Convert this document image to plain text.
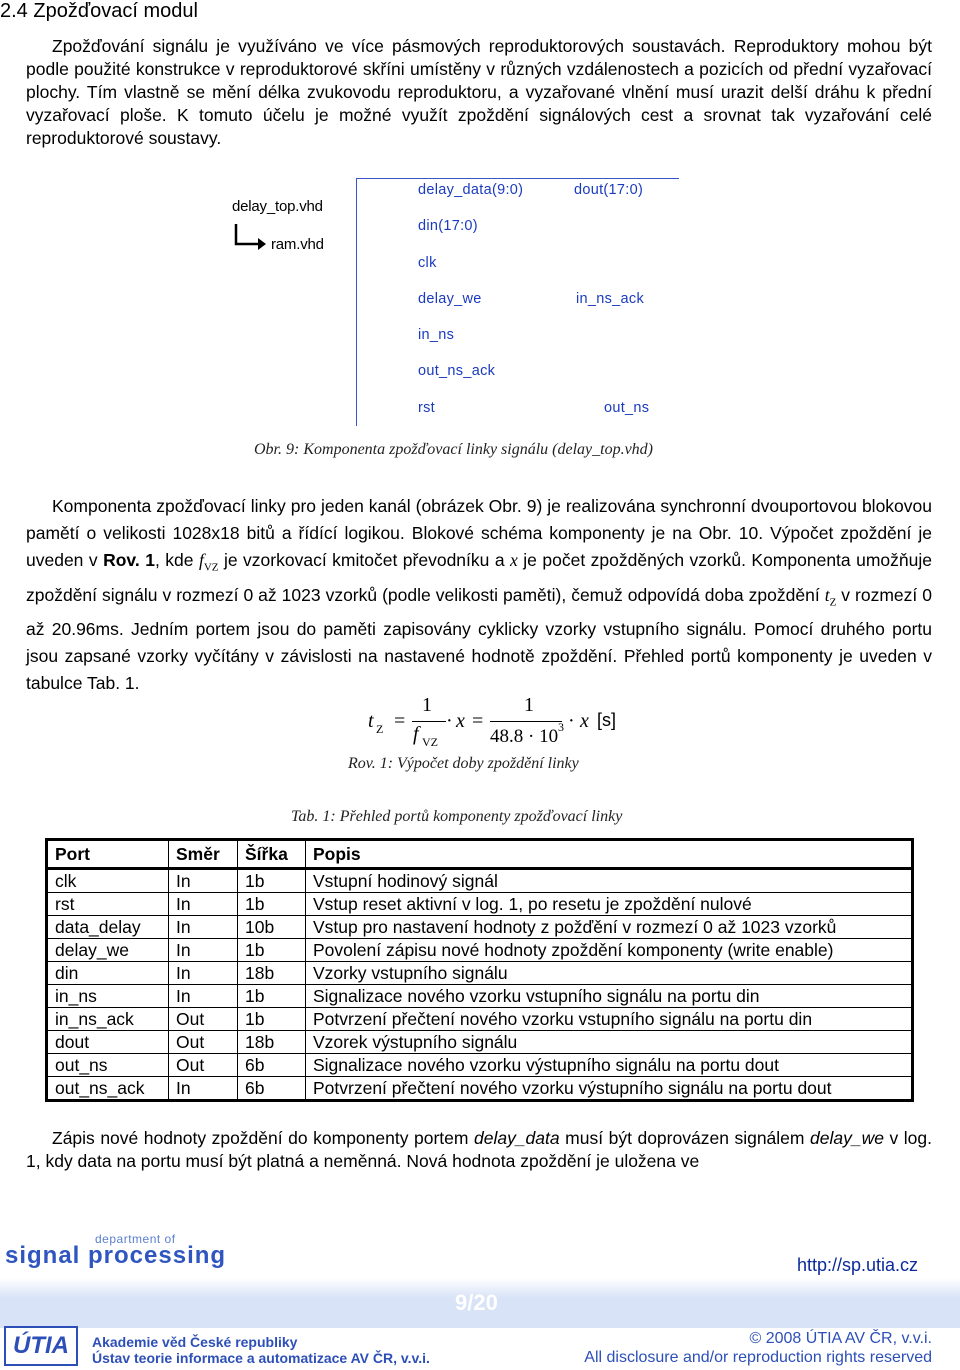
2.4 Zpožďovací modul

Zpožďování signálu je využíváno ve více pásmových reproduktorových soustavách. Reproduktory mohou být podle použité konstrukce v reproduktorové skříni umístěny v různých vzdálenostech a pozicích od přední vyzařovací plochy. Tím vlastně se mění délka zvukovodu reproduktoru, a vyzařované vlnění musí urazit delší dráhu k přední vyzařovací ploše. K tomuto účelu je možné využít zpoždění signálových cest a srovnat tak vyzařování celé reproduktorové soustavy.

delay_top.vhd
ram.vhd
delay_data(9:0)	dout(17:0)
din(17:0)
clk
delay_we	in_ns_ack
in_ns
out_ns_ack
rst	out_ns
Obr. 9: Komponenta zpožďovací linky signálu (delay_top.vhd)

Komponenta zpožďovací linky pro jeden kanál (obrázek Obr. 9) je realizována synchronní dvouportovou blokovou pamětí o velikosti 1028x18 bitů a řídící logikou. Blokové schéma komponenty je na Obr. 10. Výpočet zpoždění je uveden v Rov. 1, kde $f_{VZ}$ je vzorkovací kmitočet převodníku a x je počet zpožděných vzorků. Komponenta umožňuje zpoždění signálu v rozmezí 0 až 1023 vzorků (podle velikosti paměti), čemuž odpovídá doba zpoždění $t_Z$ v rozmezí 0 až 20.96ms. Jedním portem jsou do paměti zapisovány cyklicky vzorky vstupního signálu. Pomocí druhého portu jsou zapsané vzorky vyčítány v závislosti na nastavené hodnotě zpoždění. Přehled portů komponenty je uveden v tabulce Tab. 1.

t Z =
1
f VZ
· x =
1
48.8 · 10 3 · x [s]
Rov. 1: Výpočet doby zpoždění linky
Tab. 1: Přehled portů komponenty zpožďovací linky
Port	Směr	Šířka	Popis
clk	In	1b	Vstupní hodinový signál
rst	In	1b	Vstup reset aktivní v log. 1, po resetu je zpoždění nulové
data_delay	In	10b	Vstup pro nastavení hodnoty z požďění v rozmezí 0 až 1023 vzorků
delay_we	In	1b	Povolení zápisu nové hodnoty zpoždění komponenty (write enable)
din	In	18b	Vzorky vstupního signálu
in_ns	In	1b	Signalizace nového vzorku vstupního signálu na portu din
in_ns_ack	Out	1b	Potvrzení přečtení nového vzorku vstupního signálu na portu din
dout	Out	18b	Vzorek výstupního signálu
out_ns	Out	6b	Signalizace nového vzorku výstupního signálu na portu dout
out_ns_ack	In	6b	Potvrzení přečtení nového vzorku výstupního signálu na portu dout

Zápis nové hodnoty zpoždění do komponenty portem delay_data musí být doprovázen signálem delay_we v log. 1, kdy data na portu musí být platná a neměnná. Nová hodnota zpoždění je uložena ve

department of
signal processing	http://sp.utia.cz
9/20
ÚTIA	Akademie věd České republiky
Ústav teorie informace a automatizace AV ČR, v.v.i.
© 2008 ÚTIA AV ČR, v.v.i.
All disclosure and/or reproduction rights reserved
